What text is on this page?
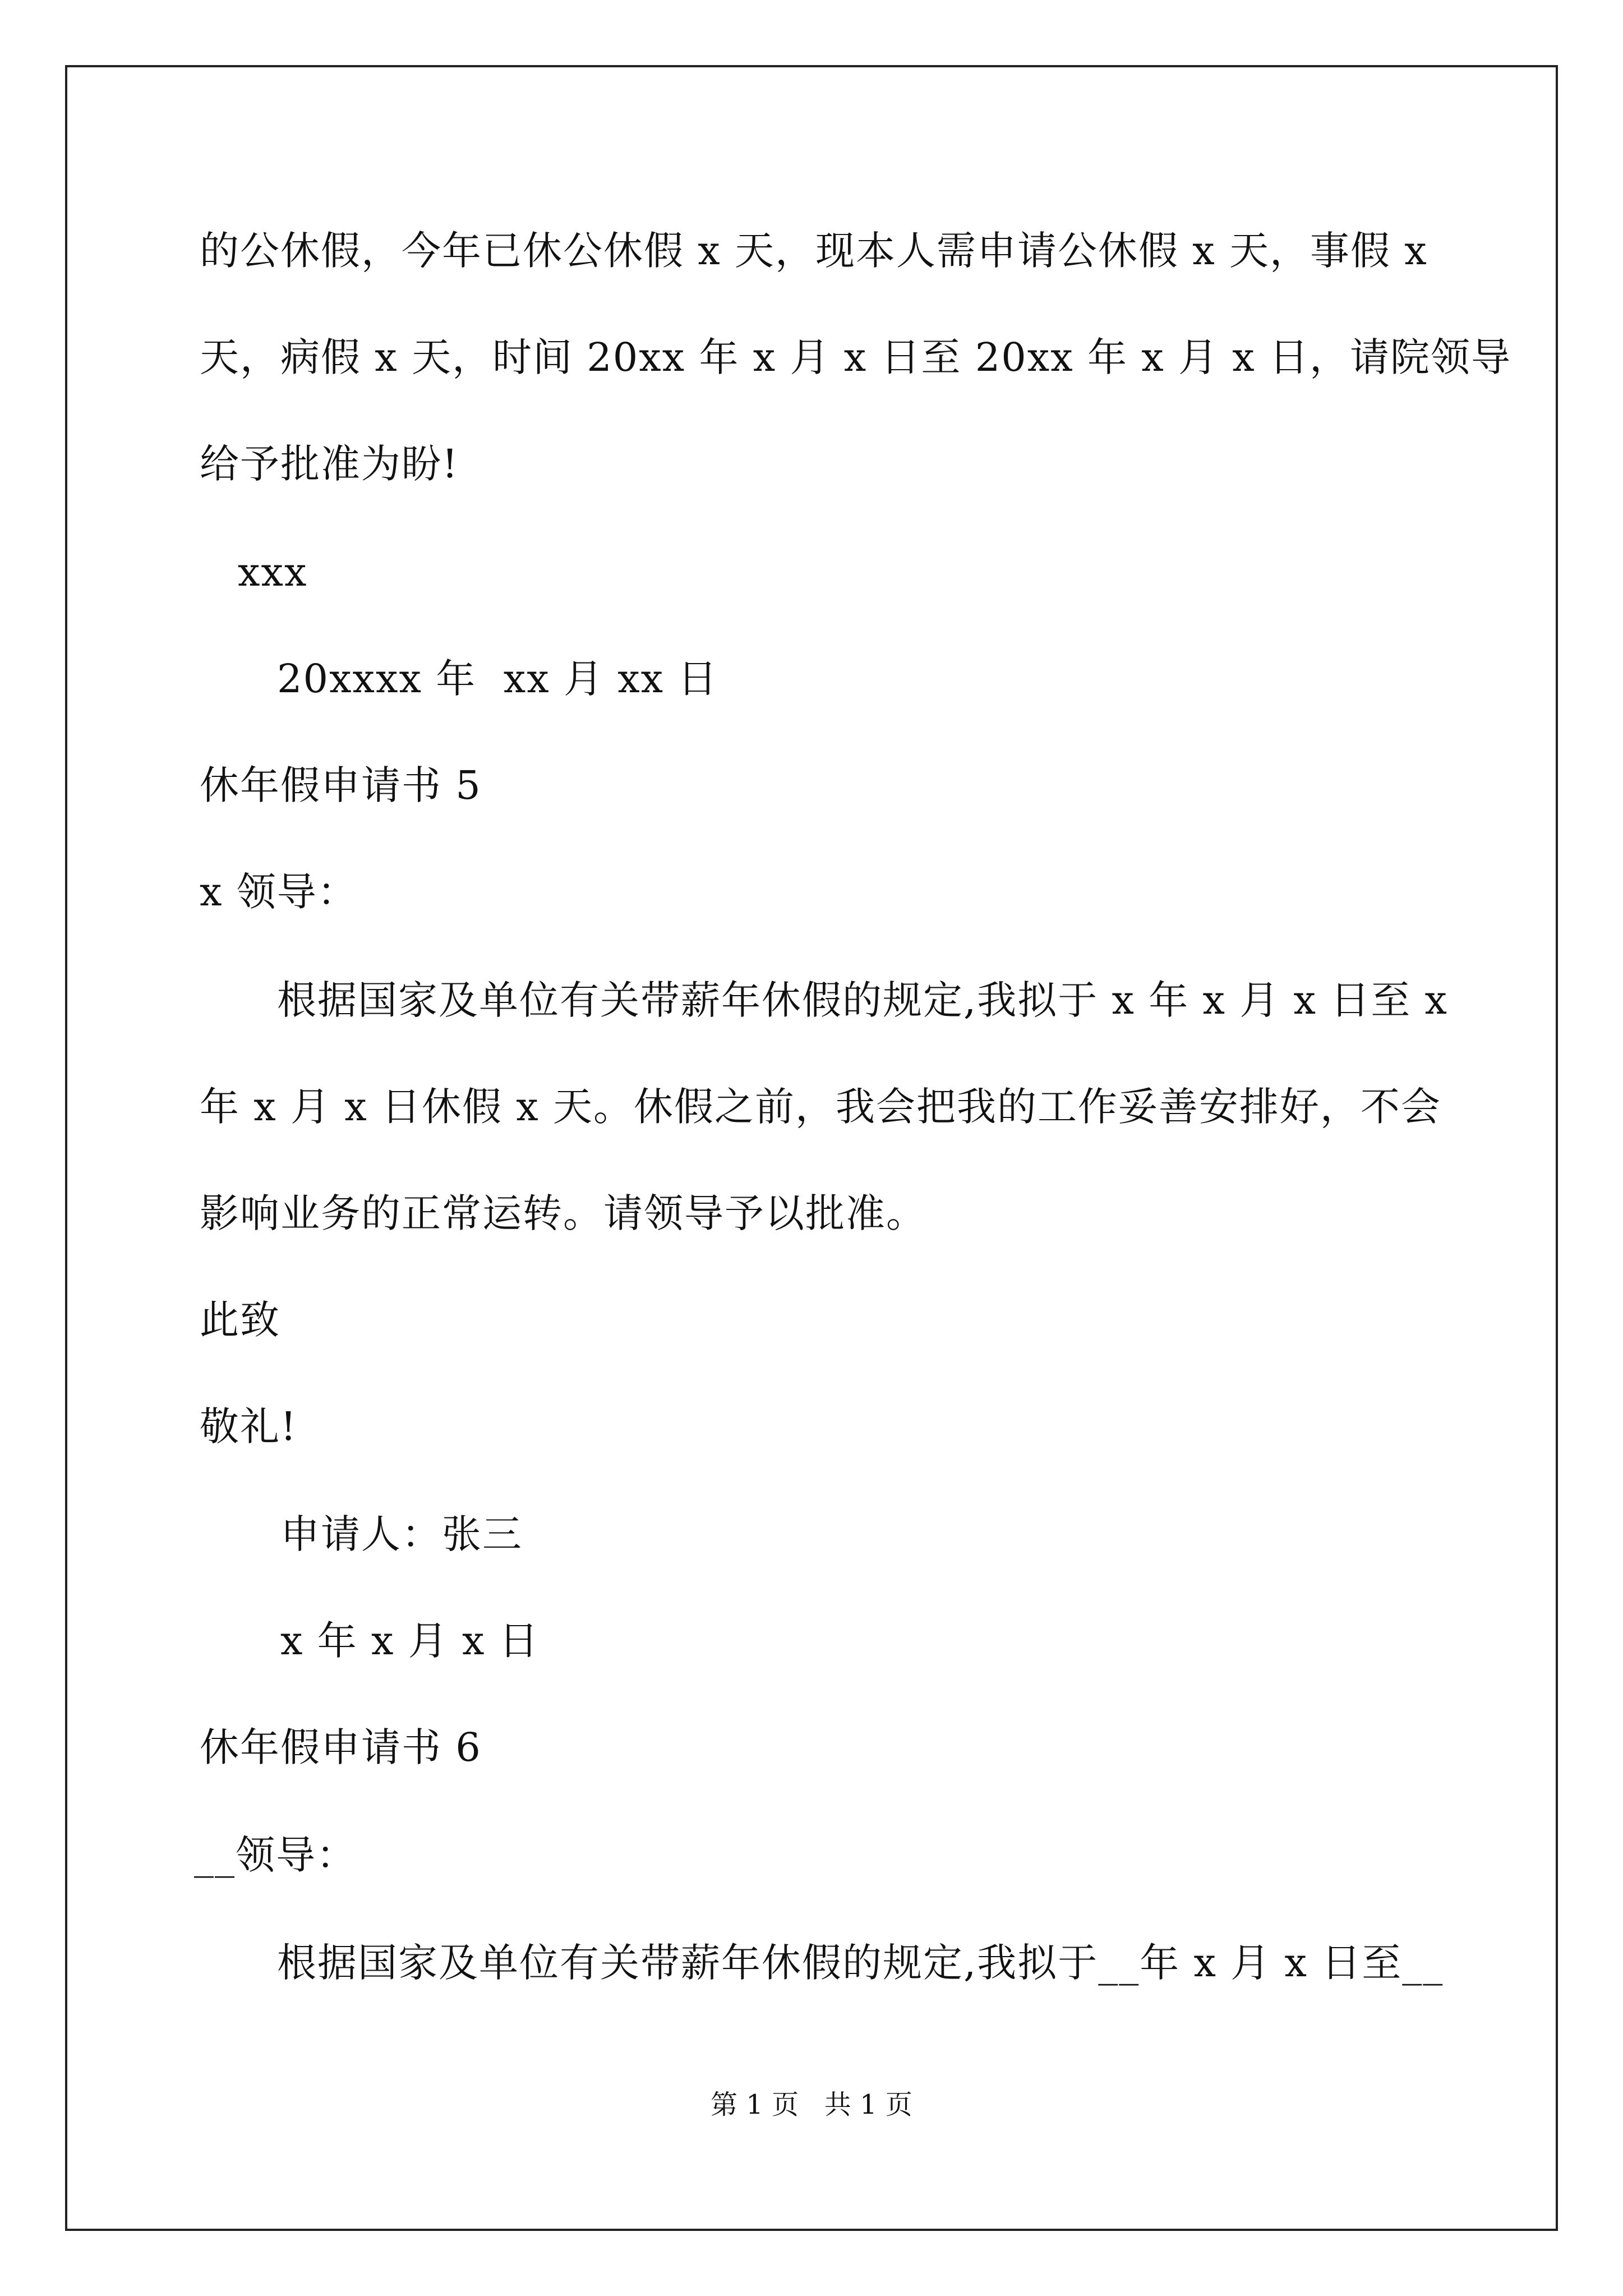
的公休假，今年已休公休假 x 天，现本人需申请公休假 x 天，事假 x
天，病假 x 天，时间 20xx 年 x 月 x 日至 20xx 年 x 月 x 日，请院领导
给予批准为盼!
xxx
20xxxx 年  xx 月 xx 日
休年假申请书 5
x 领导：
根据国家及单位有关带薪年休假的规定,我拟于 x 年 x 月 x 日至 x
年 x 月 x 日休假 x 天。休假之前，我会把我的工作妥善安排好，不会
影响业务的正常运转。请领导予以批准。
此致
敬礼!
申请人：张三
x 年 x 月 x 日
休年假申请书 6
__领导：
根据国家及单位有关带薪年休假的规定,我拟于__年 x 月 x 日至__
第 1 页   共 1 页
